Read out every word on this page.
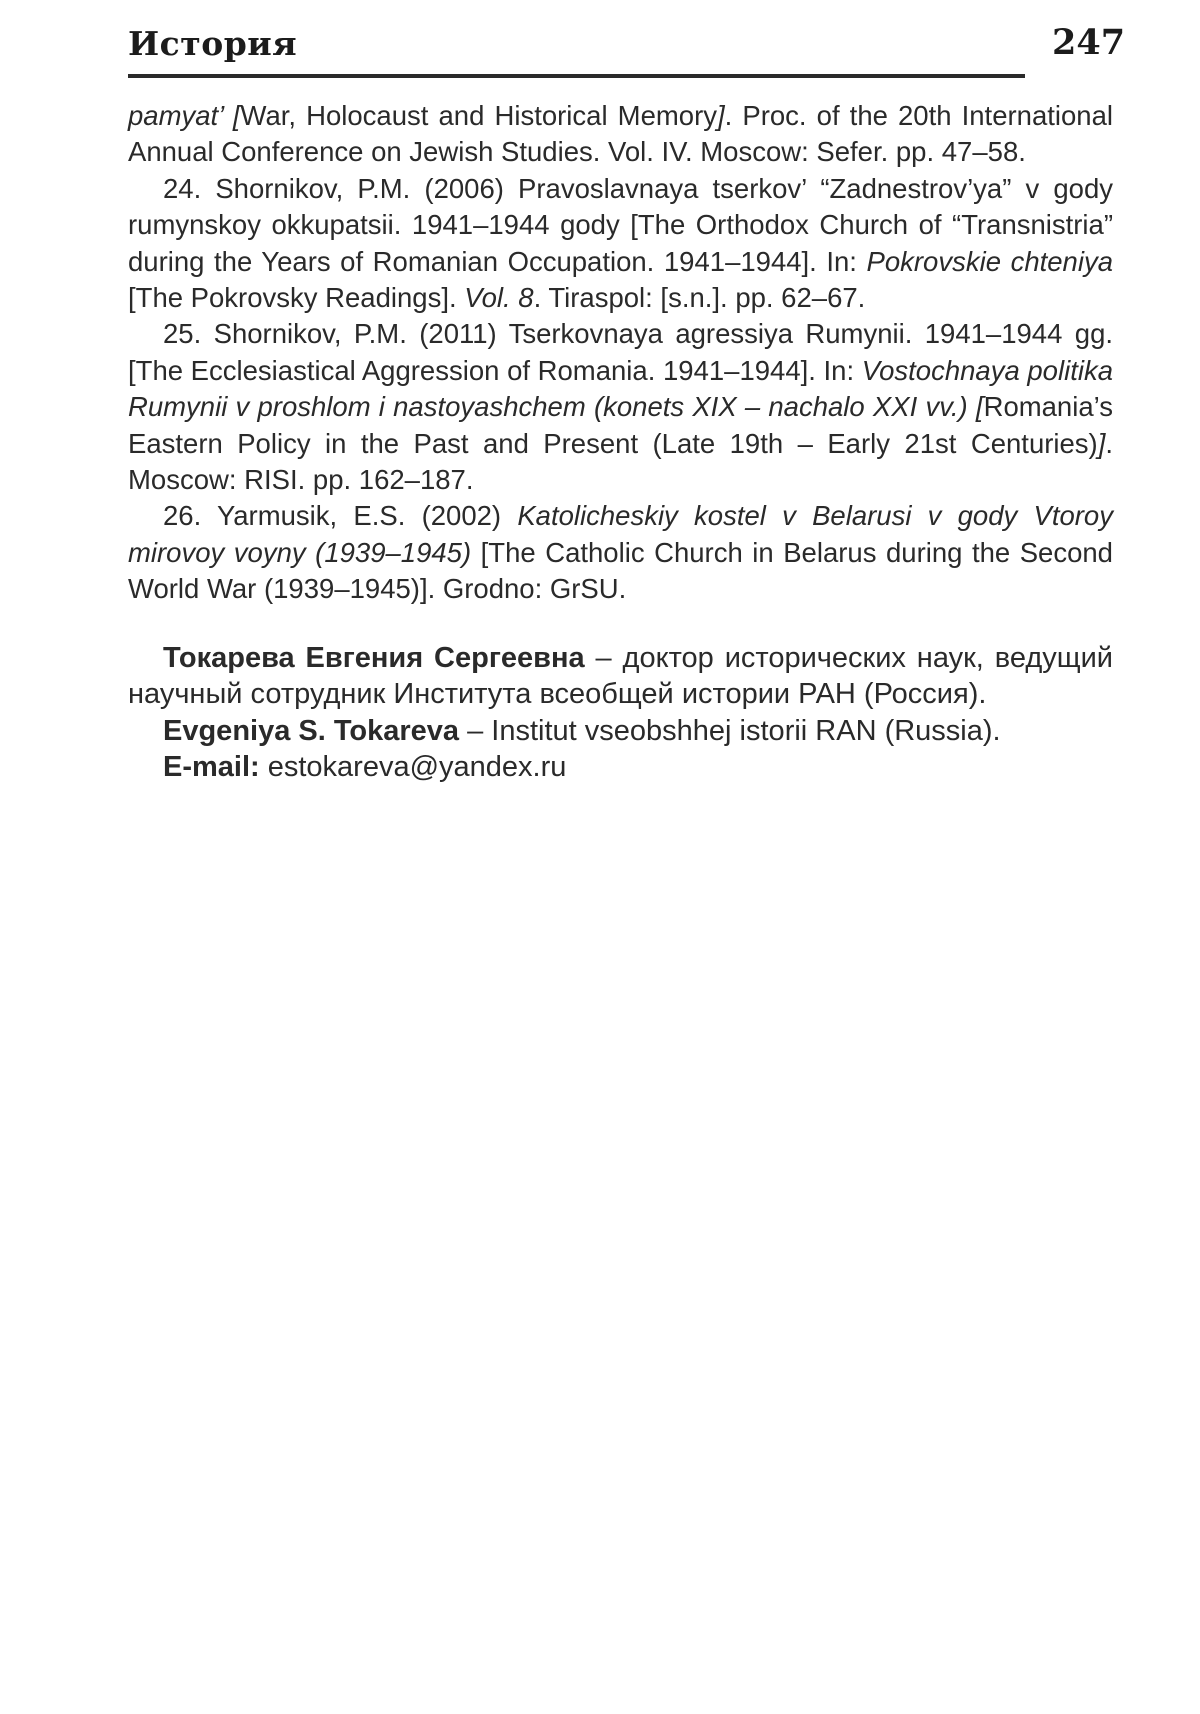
История	247

pamyat’ [War, Holocaust and Historical Memory]. Proc. of the 20th International Annual Conference on Jewish Studies. Vol. IV. Moscow: Sefer. pp. 47–58.

24. Shornikov, P.M. (2006) Pravoslavnaya tserkov’ “Zadnestrov’ya” v gody rumynskoy okkupatsii. 1941–1944 gody [The Orthodox Church of “Transnistria” during the Years of Romanian Occupation. 1941–1944]. In: Pokrovskie chteniya [The Pokrovsky Readings]. Vol. 8. Tiraspol: [s.n.]. pp. 62–67.

25. Shornikov, P.M. (2011) Tserkovnaya agressiya Rumynii. 1941–1944 gg. [The Ecclesiastical Aggression of Romania. 1941–1944]. In: Vostochnaya politika Rumynii v proshlom i nastoyashchem (konets XIX – nachalo XXI vv.) [Romania’s Eastern Policy in the Past and Present (Late 19th – Early 21st Centuries)]. Moscow: RISI. pp. 162–187.

26. Yarmusik, E.S. (2002) Katolicheskiy kostel v Belarusi v gody Vtoroy mirovoy voyny (1939–1945) [The Catholic Church in Belarus during the Second World War (1939–1945)]. Grodno: GrSU.

Токарева Евгения Сергеевна – доктор исторических наук, ведущий научный сотрудник Института всеобщей истории РАН (Россия).

Evgeniya S. Tokareva – Institut vseobshhej istorii RAN (Russia).

E-mail: estokareva@yandex.ru
